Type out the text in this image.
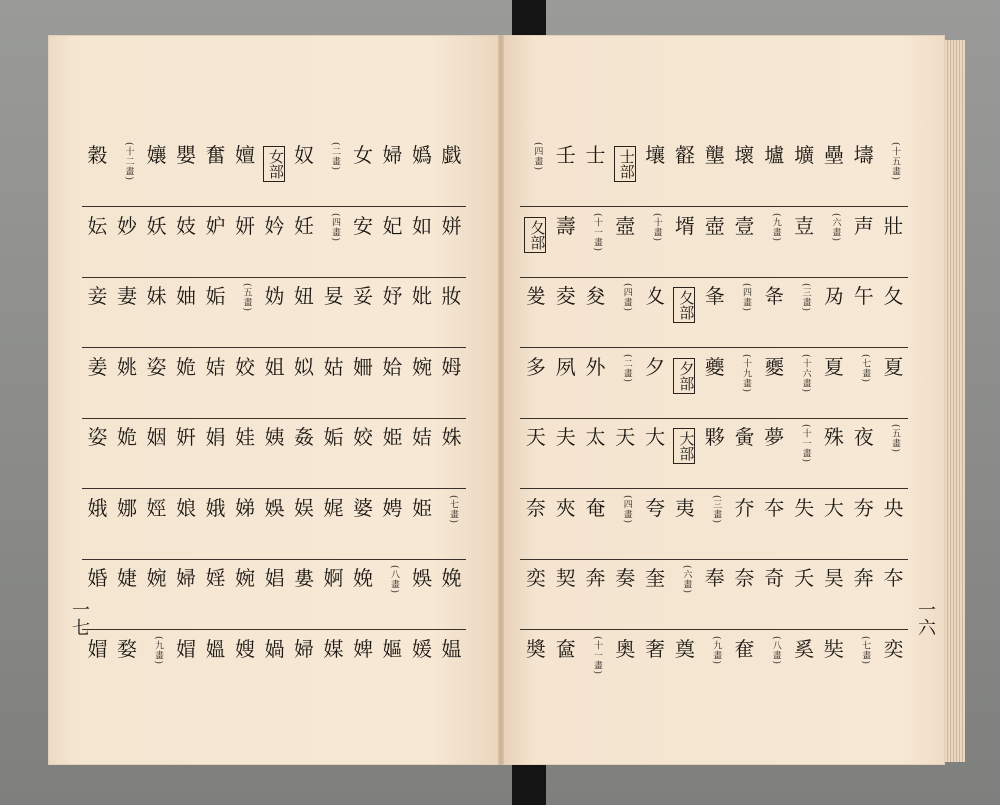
戯
嬀
婦
女
(二畫)
奴
女部
嬗
奮
嬰
孃
(十二畫)
穀
姘
如
妃
安
(四畫)
妊
妗
妍
妒
妓
妖
妙
妘
妝
妣
妤
妥
妟
妞
妫
(五畫)
姤
妯
妹
妻
妾
姆
婉
姶
姍
姑
姒
姐
姣
姞
姽
姿
姚
姜
姝
姞
姫
姣
姤
姦
姨
娃
娟
姸
姻
姽
姿
(七畫)
姫
娉
婆
娓
娱
娛
娣
娥
娘
娙
娜
娥
娩
娛
(八畫)
娩
婀
婁
娼
婉
婬
婦
婉
婕
婚
媪
媛
嫗
婢
媒
婦
媧
嫂
媼
媢
(九畫)
婺
媢
(十五畫)
壔
壘
壙
壚
壞
壟
壡
壤
士部
士
壬
(四畫)
壯
声
(六畫)
壴
(九畫)
壹
壺
壻
(十畫)
壼
(十一畫)
壽
夂部
夂
午
夃
(三畫)
夅
(四畫)
夆
夂部
夊
(四畫)
夋
夌
夎
夏
(七畫)
夏
(十六畫)
夒
(十九畫)
夔
夕部
夕
(二畫)
外
夙
多
(五畫)
夜
殊
(十一畫)
夢
夤
夥
大部
大
天
太
夫
天
央
夯
大
失
夲
夰
(三畫)
夷
夸
(四畫)
奄
夾
奈
夲
奔
昊
夭
奇
奈
奉
(六畫)
奎
奏
奔
契
奕
奕
(七畫)
奘
奚
(八畫)
奞
(九畫)
奠
奢
奧
(十一畫)
奩
奬
一七	一六
